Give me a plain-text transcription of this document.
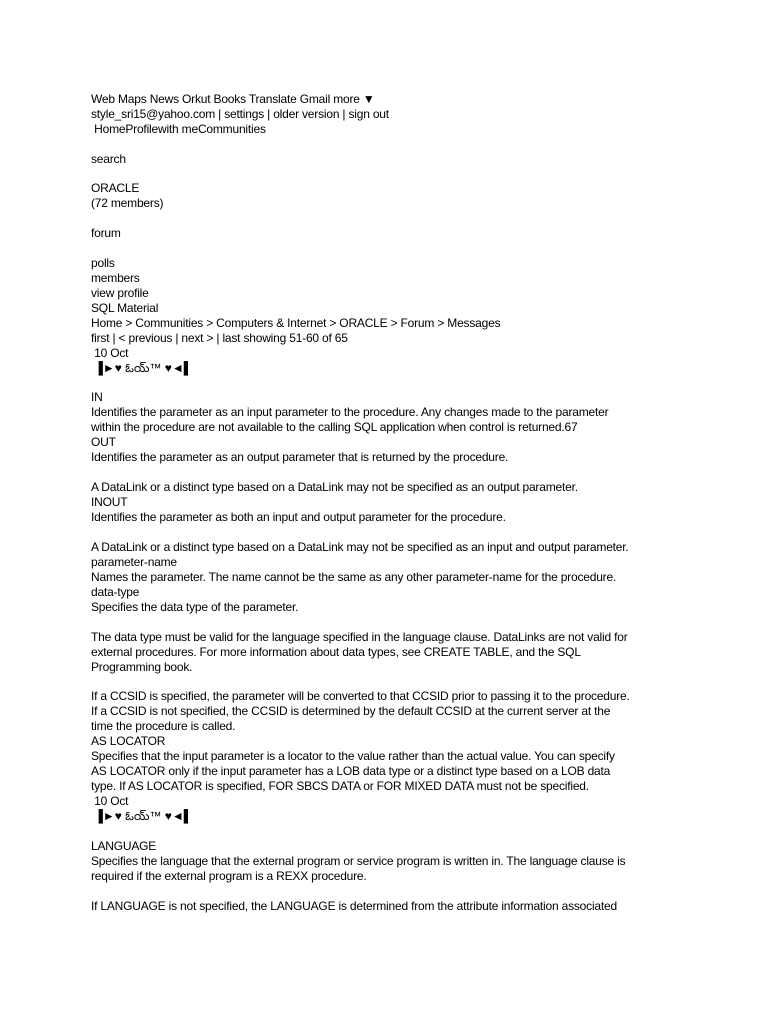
Web Maps News Orkut Books Translate Gmail more ▼
style_sri15@yahoo.com | settings | older version | sign out
HomeProfilewith meCommunities
search
ORACLE
(72 members)
forum
polls
members
view profile
SQL Material
Home > Communities > Computers & Internet > ORACLE > Forum > Messages
first | < previous | next > | last showing 51-60 of 65
10 Oct
▐►♥ ఓయ్™ ♥◄▌
IN
Identifies the parameter as an input parameter to the procedure. Any changes made to the parameter
within the procedure are not available to the calling SQL application when control is returned.67
OUT
Identifies the parameter as an output parameter that is returned by the procedure.
A DataLink or a distinct type based on a DataLink may not be specified as an output parameter.
INOUT
Identifies the parameter as both an input and output parameter for the procedure.
A DataLink or a distinct type based on a DataLink may not be specified as an input and output parameter.
parameter-name
Names the parameter. The name cannot be the same as any other parameter-name for the procedure.
data-type
Specifies the data type of the parameter.
The data type must be valid for the language specified in the language clause. DataLinks are not valid for
external procedures. For more information about data types, see CREATE TABLE, and the SQL
Programming book.
If a CCSID is specified, the parameter will be converted to that CCSID prior to passing it to the procedure.
If a CCSID is not specified, the CCSID is determined by the default CCSID at the current server at the
time the procedure is called.
AS LOCATOR
Specifies that the input parameter is a locator to the value rather than the actual value. You can specify
AS LOCATOR only if the input parameter has a LOB data type or a distinct type based on a LOB data
type. If AS LOCATOR is specified, FOR SBCS DATA or FOR MIXED DATA must not be specified.
10 Oct
▐►♥ ఓయ్™ ♥◄▌
LANGUAGE
Specifies the language that the external program or service program is written in. The language clause is
required if the external program is a REXX procedure.
If LANGUAGE is not specified, the LANGUAGE is determined from the attribute information associated
